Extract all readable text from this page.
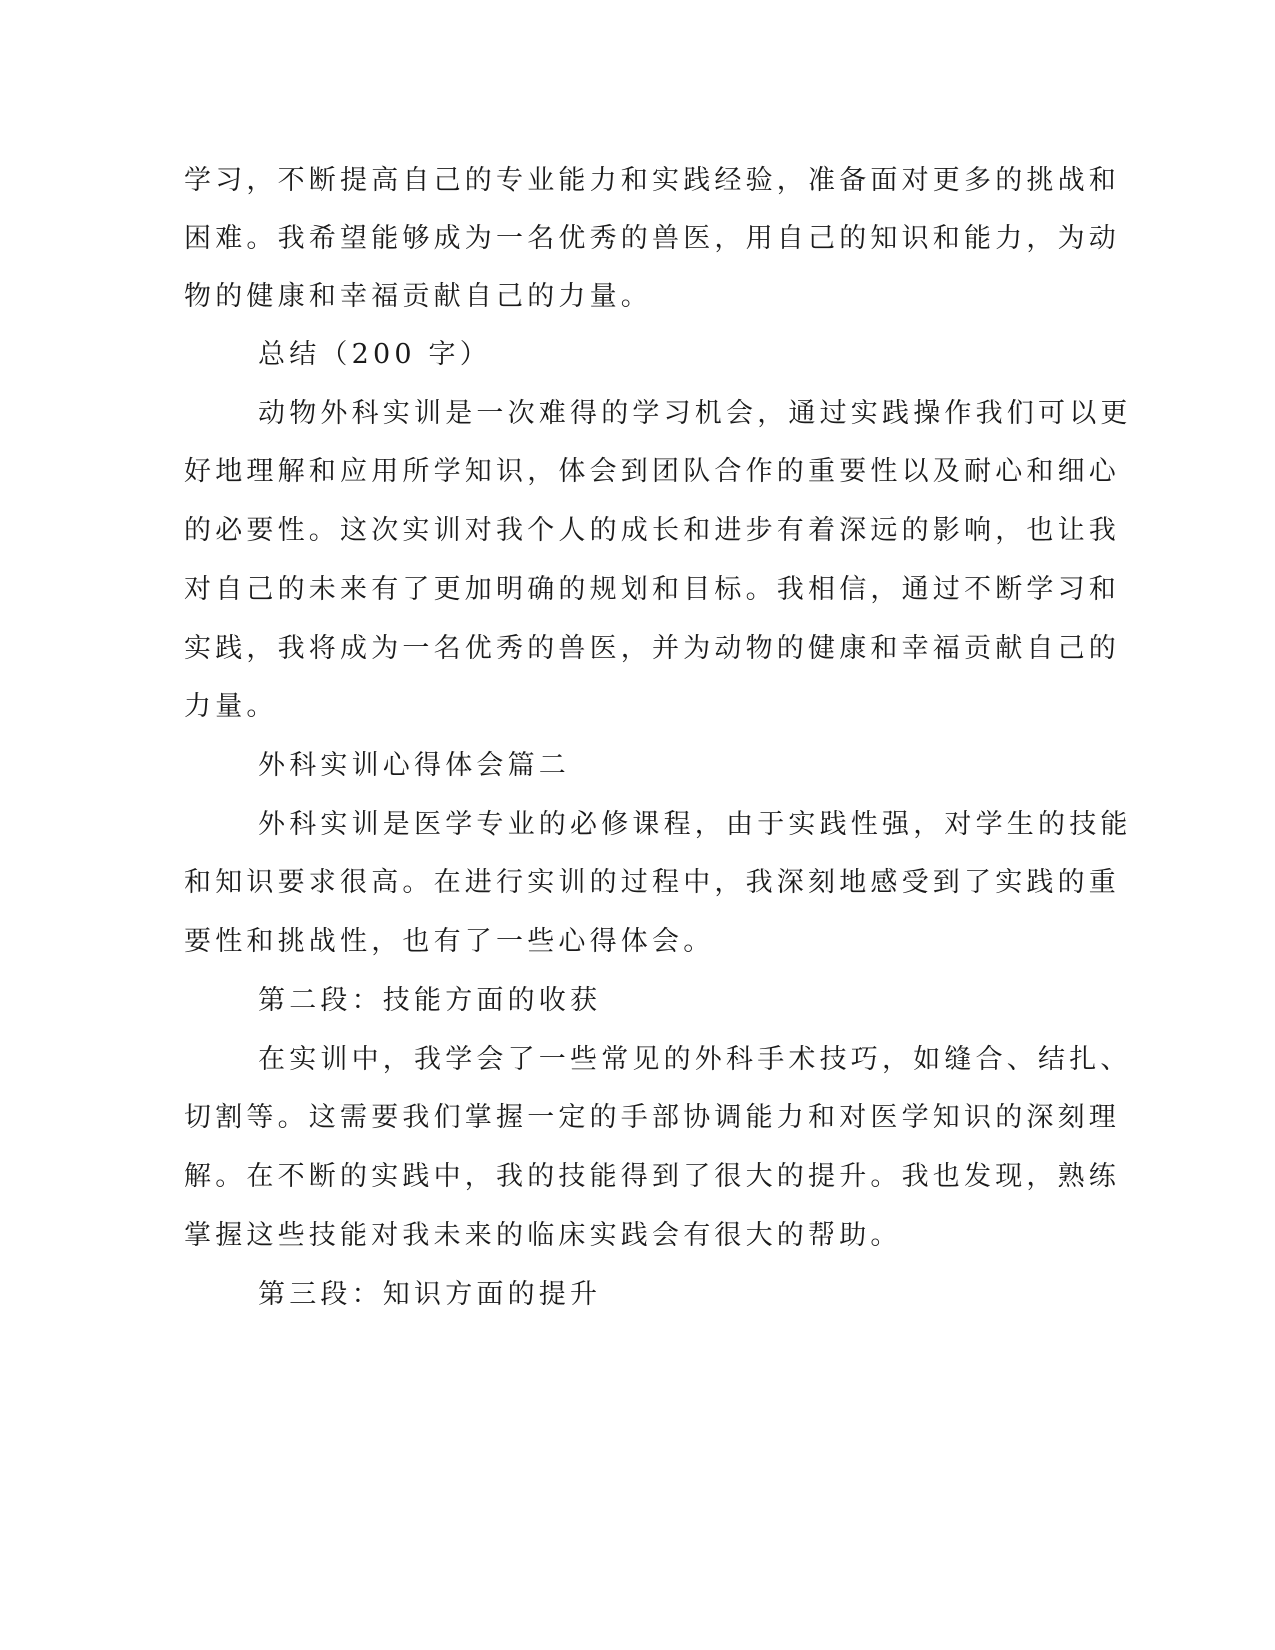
学习，不断提高自己的专业能力和实践经验，准备面对更多的挑战和
困难。我希望能够成为一名优秀的兽医，用自己的知识和能力，为动
物的健康和幸福贡献自己的力量。
总结（200 字）
动物外科实训是一次难得的学习机会，通过实践操作我们可以更
好地理解和应用所学知识，体会到团队合作的重要性以及耐心和细心
的必要性。这次实训对我个人的成长和进步有着深远的影响，也让我
对自己的未来有了更加明确的规划和目标。我相信，通过不断学习和
实践，我将成为一名优秀的兽医，并为动物的健康和幸福贡献自己的
力量。
外科实训心得体会篇二
外科实训是医学专业的必修课程，由于实践性强，对学生的技能
和知识要求很高。在进行实训的过程中，我深刻地感受到了实践的重
要性和挑战性，也有了一些心得体会。
第二段：技能方面的收获
在实训中，我学会了一些常见的外科手术技巧，如缝合、结扎、
切割等。这需要我们掌握一定的手部协调能力和对医学知识的深刻理
解。在不断的实践中，我的技能得到了很大的提升。我也发现，熟练
掌握这些技能对我未来的临床实践会有很大的帮助。
第三段：知识方面的提升
